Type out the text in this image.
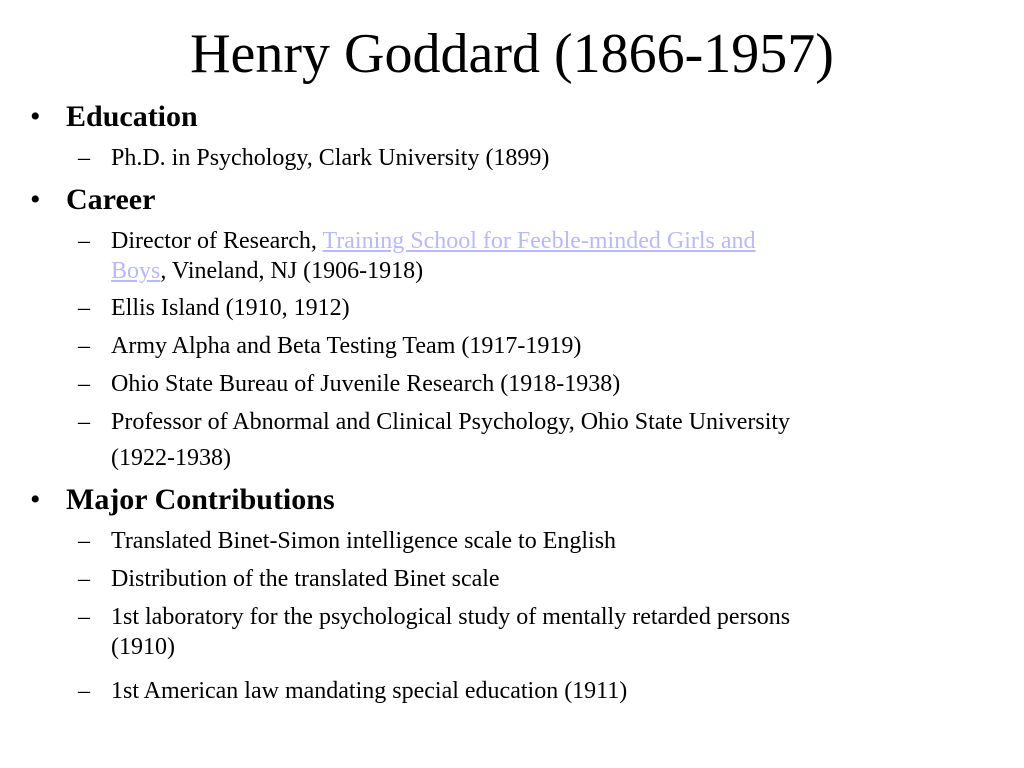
Henry Goddard (1866-1957)
• Education
– Ph.D. in Psychology, Clark University (1899)
• Career
– Director of Research, Training School for Feeble-minded Girls and
Boys, Vineland, NJ (1906-1918)
– Ellis Island (1910, 1912)
– Army Alpha and Beta Testing Team (1917-1919)
– Ohio State Bureau of Juvenile Research (1918-1938)
– Professor of Abnormal and Clinical Psychology, Ohio State University
(1922-1938)
• Major Contributions
– Translated Binet-Simon intelligence scale to English
– Distribution of the translated Binet scale
– 1st laboratory for the psychological study of mentally retarded persons
(1910)
– 1st American law mandating special education (1911)
